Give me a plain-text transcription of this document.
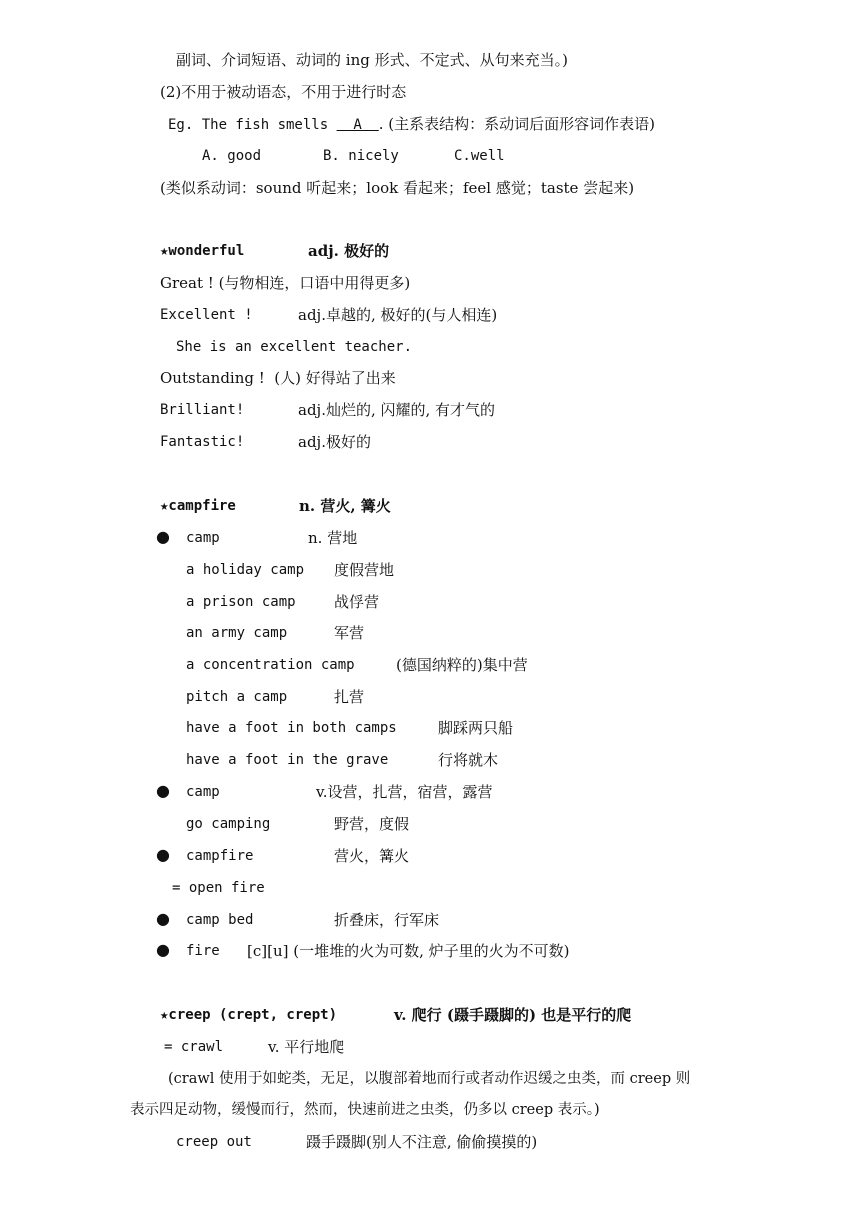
副词、介词短语、动词的 ing 形式、不定式、从句来充当。)
(2)不用于被动语态，不用于进行时态
Eg. The fish smells   A  . (主系表结构：系动词后面形容词作表语)
A. good	B. nicely	C.well
(类似系动词：sound 听起来；look 看起来；feel 感觉；taste 尝起来)
★wonderful	adj. 极好的
Great ! (与物相连，口语中用得更多)
Excellent !	adj.卓越的, 极好的(与人相连)
She is an excellent teacher.
Outstanding !  (人) 好得站了出来
Brilliant!	adj.灿烂的, 闪耀的, 有才气的
Fantastic!	adj.极好的
★campfire	n. 营火, 篝火
● camp	n. 营地
a holiday camp 度假营地
a prison camp	战俘营
an army camp	军营
a concentration camp	(德国纳粹的)集中营
pitch a camp	扎营
have a foot in both camps	脚踩两只船
have a foot in the grave	行将就木
● camp	v.设营，扎营，宿营，露营
go camping	野营，度假
● campfire	营火，篝火
= open fire
● camp bed	折叠床，行军床
● fire [c][u] (一堆堆的火为可数, 炉子里的火为不可数)
★creep (crept, crept)	v. 爬行 (蹑手蹑脚的) 也是平行的爬
= crawl	v. 平行地爬
(crawl 使用于如蛇类，无足，以腹部着地而行或者动作迟缓之虫类，而 creep 则
表示四足动物，缓慢而行，然而，快速前进之虫类，仍多以 creep 表示。)
creep out	蹑手蹑脚(别人不注意, 偷偷摸摸的)
